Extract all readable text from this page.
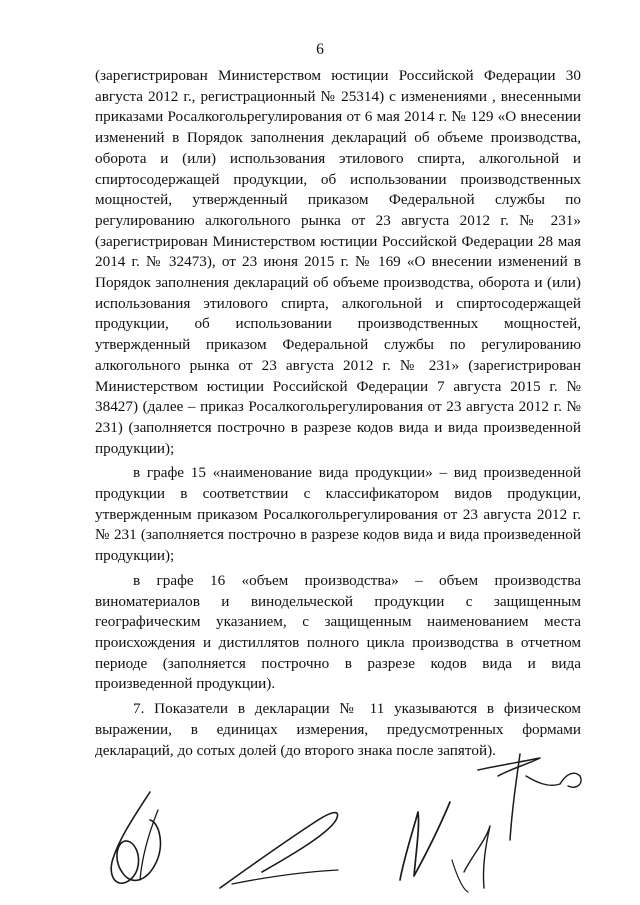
6

(зарегистрирован Министерством юстиции Российской Федерации 30 августа 2012 г., регистрационный № 25314) с изменениями , внесенными приказами Росалкогольрегулирования от 6 мая 2014 г. № 129 «О внесении изменений в Порядок заполнения деклараций об объеме производства, оборота и (или) использования этилового спирта, алкогольной и спиртосодержащей продукции, об использовании производственных мощностей, утвержденный приказом Федеральной службы по регулированию алкогольного рынка от 23 августа 2012 г. № 231» (зарегистрирован Министерством юстиции Российской Федерации 28 мая 2014 г. № 32473), от 23 июня 2015 г. № 169 «О внесении изменений в Порядок заполнения деклараций об объеме производства, оборота и (или) использования этилового спирта, алкогольной и спиртосодержащей продукции, об использовании производственных мощностей, утвержденный приказом Федеральной службы по регулированию алкогольного рынка от 23 августа 2012 г. № 231» (зарегистрирован Министерством юстиции Российской Федерации 7 августа 2015 г. № 38427) (далее – приказ Росалкогольрегулирования от 23 августа 2012 г. № 231) (заполняется построчно в разрезе кодов вида и вида произведенной продукции);

в графе 15 «наименование вида продукции» – вид произведенной продукции в соответствии с классификатором видов продукции, утвержденным приказом Росалкогольрегулирования от 23 августа 2012 г. № 231 (заполняется построчно в разрезе кодов вида и вида произведенной продукции);

в графе 16 «объем производства» – объем производства виноматериалов и винодельческой продукции с защищенным географическим указанием, с защищенным наименованием места происхождения и дистиллятов полного цикла производства в отчетном периоде (заполняется построчно в разрезе кодов вида и вида произведенной продукции).

7. Показатели в декларации № 11 указываются в физическом выражении, в единицах измерения, предусмотренных формами деклараций, до сотых долей (до второго знака после запятой).
